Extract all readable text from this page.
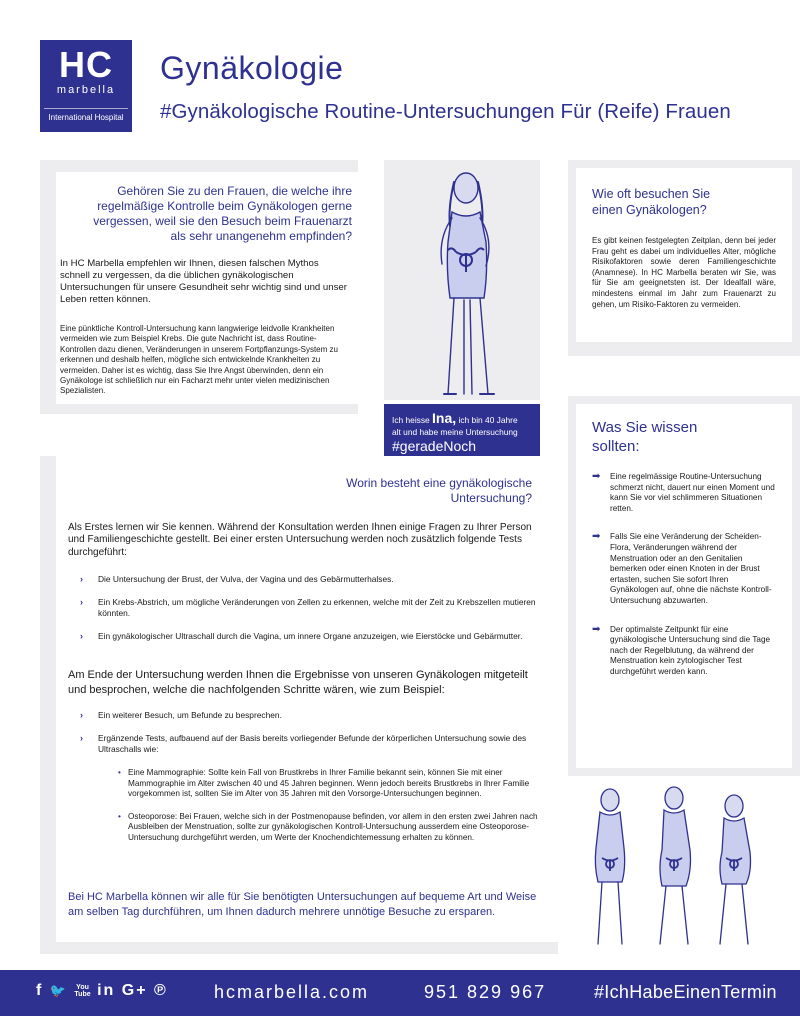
HC
marbella
International Hospital
Gynäkologie
#Gynäkologische Routine-Untersuchungen Für (Reife) Frauen
Gehören Sie zu den Frauen, die welche ihre regelmäßige Kontrolle beim Gynäkologen gerne vergessen, weil sie den Besuch beim Frauenarzt als sehr unangenehm empfinden?
In HC Marbella empfehlen wir Ihnen, diesen falschen Mythos schnell zu vergessen, da die üblichen gynäkologischen Untersuchungen für unsere Gesundheit sehr wichtig sind und unser Leben retten können.
Eine pünktliche Kontroll-Untersuchung kann langwierige leidvolle Krankheiten vermeiden wie zum Beispiel Krebs. Die gute Nachricht ist, dass Routine-Kontrollen dazu dienen, Veränderungen in unserem Fortpflanzungs-System zu erkennen und deshalb helfen, mögliche sich entwickelnde Krankheiten zu vermeiden. Daher ist es wichtig, dass Sie Ihre Angst überwinden, denn ein Gynäkologe ist schließlich nur ein Facharzt mehr unter vielen medizinischen Spezialisten.
Ich heisse Ina, ich bin 40 Jahre
alt und habe meine Untersuchung
#geradeNoch
Wie oft besuchen Sie einen Gynäkologen?
Es gibt keinen festgelegten Zeitplan, denn bei jeder Frau geht es dabei um individuelles Alter, mögliche Risikofaktoren sowie deren Familiengeschichte (Anamnese). In HC Marbella beraten wir Sie, was für Sie am geeignetsten ist. Der Idealfall wäre, mindestens einmal im Jahr zum Frauenarzt zu gehen, um Risiko-Faktoren zu vermeiden.
Was Sie wissen sollten:
➡ Eine regelmässige Routine-Untersuchung schmerzt nicht, dauert nur einen Moment und kann Sie vor viel schlimmeren Situationen retten.
➡ Falls Sie eine Veränderung der Scheiden-Flora, Veränderungen während der Menstruation oder an den Genitalien bemerken oder einen Knoten in der Brust ertasten, suchen Sie sofort Ihren Gynäkologen auf, ohne die nächste Kontroll-Untersuchung abzuwarten.
➡ Der optimalste Zeitpunkt für eine gynäkologische Untersuchung sind die Tage nach der Regelblutung, da während der Menstruation kein zytologischer Test durchgeführt werden kann.
Worin besteht eine gynäkologische Untersuchung?
Als Erstes lernen wir Sie kennen. Während der Konsultation werden Ihnen einige Fragen zu Ihrer Person und Familiengeschichte gestellt. Bei einer ersten Untersuchung werden noch zusätzlich folgende Tests durchgeführt:
› Die Untersuchung der Brust, der Vulva, der Vagina und des Gebärmutterhalses.
› Ein Krebs-Abstrich, um mögliche Veränderungen von Zellen zu erkennen, welche mit der Zeit zu Krebszellen mutieren könnten.
› Ein gynäkologischer Ultraschall durch die Vagina, um innere Organe anzuzeigen, wie Eierstöcke und Gebärmutter.
Am Ende der Untersuchung werden Ihnen die Ergebnisse von unseren Gynäkologen mitgeteilt und besprochen, welche die nachfolgenden Schritte wären, wie zum Beispiel:
› Ein weiterer Besuch, um Befunde zu besprechen.
› Ergänzende Tests, aufbauend auf der Basis bereits vorliegender Befunde der körperlichen Untersuchung sowie des Ultraschalls wie:
• Eine Mammographie: Sollte kein Fall von Brustkrebs in Ihrer Familie bekannt sein, können Sie mit einer Mammographie im Alter zwischen 40 und 45 Jahren beginnen. Wenn jedoch bereits Brustkrebs in Ihrer Familie vorgekommen ist, sollten Sie im Alter von 35 Jahren mit den Vorsorge-Untersuchungen beginnen.
• Osteoporose: Bei Frauen, welche sich in der Postmenopause befinden, vor allem in den ersten zwei Jahren nach Ausbleiben der Menstruation, sollte zur gynäkologischen Kontroll-Untersuchung ausserdem eine Osteoporose-Untersuchung durchgeführt werden, um Werte der Knochendichtemessung erhalten zu können.
Bei HC Marbella können wir alle für Sie benötigten Untersuchungen auf bequeme Art und Weise am selben Tag durchführen, um Ihnen dadurch mehrere unnötige Besuche zu ersparen.
f 🐦 You
Tube in G+ ℗	hcmarbella.com	951 829 967	#IchHabeEinenTermin
